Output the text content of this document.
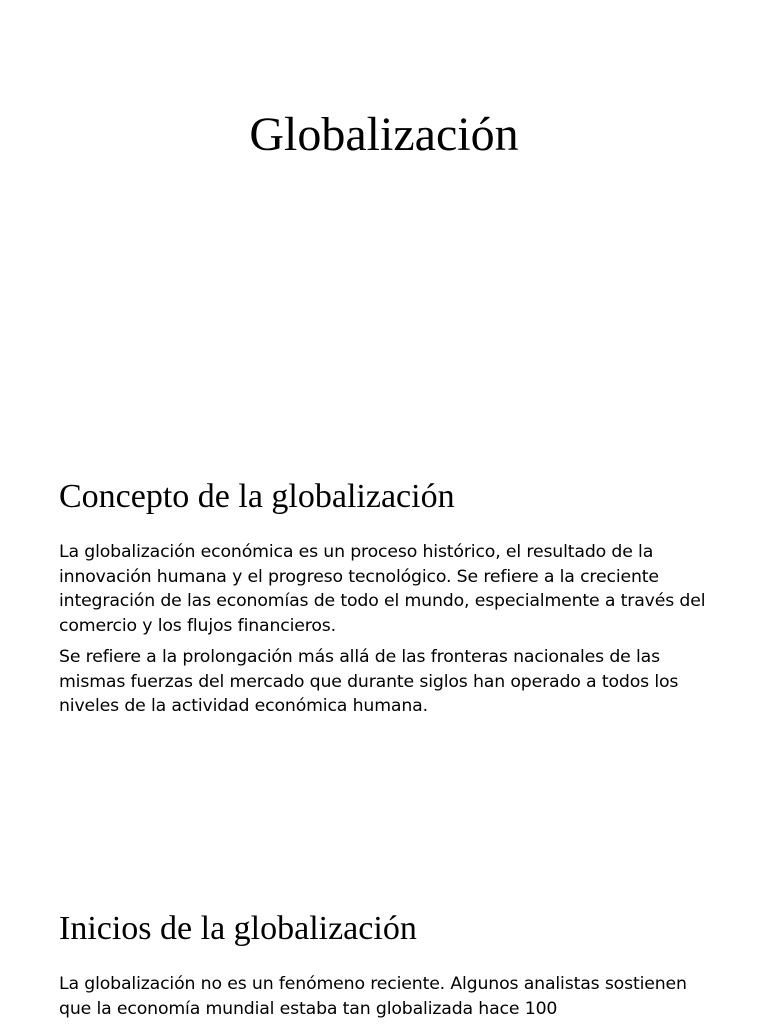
Globalización
Concepto de la globalización

La globalización económica es un proceso histórico, el resultado de la innovación humana y el progreso tecnológico. Se refiere a la creciente integración de las economías de todo el mundo, especialmente a través del comercio y los flujos financieros.

Se refiere a la prolongación más allá de las fronteras nacionales de las mismas fuerzas del mercado que durante siglos han operado a todos los niveles de la actividad económica humana.

Inicios de la globalización

La globalización no es un fenómeno reciente. Algunos analistas sostienen que la economía mundial estaba tan globalizada hace 100
